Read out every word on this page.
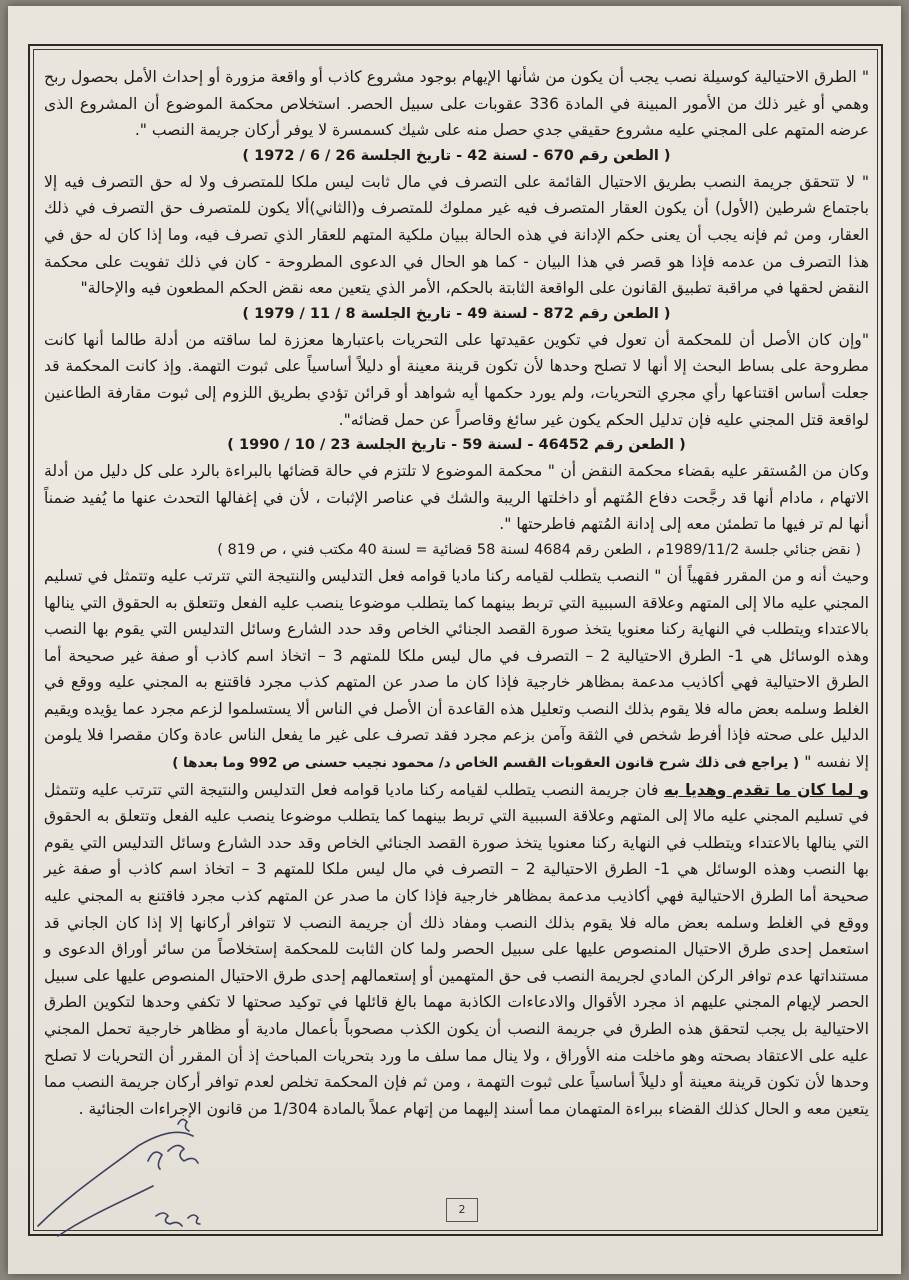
" الطرق الاحتيالية كوسيلة نصب يجب أن يكون من شأنها الإيهام بوجود مشروع كاذب أو واقعة مزورة أو إحداث الأمل بحصول ربح وهمي أو غير ذلك من الأمور المبينة في المادة 336 عقوبات على سبيل الحصر. استخلاص محكمة الموضوع أن المشروع الذى عرضه المتهم على المجني عليه مشروع حقيقي جدي حصل منه على شيك كسمسرة لا يوفر أركان جريمة النصب ".

( الطعن رقم 670 - لسنة 42 - تاريخ الجلسة 26 / 6 / 1972 )

" لا تتحقق جريمة النصب بطريق الاحتيال القائمة على التصرف في مال ثابت ليس ملكا للمتصرف ولا له حق التصرف فيه إلا باجتماع شرطين (الأول) أن يكون العقار المتصرف فيه غير مملوك للمتصرف و(الثاني)ألا يكون للمتصرف حق التصرف في ذلك العقار، ومن ثم فإنه يجب أن يعنى حكم الإدانة في هذه الحالة ببيان ملكية المتهم للعقار الذي تصرف فيه، وما إذا كان له حق في هذا التصرف من عدمه فإذا هو قصر في هذا البيان - كما هو الحال في الدعوى المطروحة - كان في ذلك تفويت على محكمة النقض لحقها في مراقبة تطبيق القانون على الواقعة الثابتة بالحكم، الأمر الذي يتعين معه نقض الحكم المطعون فيه والإحالة"

( الطعن رقم 872 - لسنة 49 - تاريخ الجلسة 8 / 11 / 1979 )

"وإن كان الأصل أن للمحكمة أن تعول في تكوين عقيدتها على التحريات باعتبارها معززة لما ساقته من أدلة طالما أنها كانت مطروحة على بساط البحث إلا أنها لا تصلح وحدها لأن تكون قرينة معينة أو دليلاً أساسياً على ثبوت التهمة. وإذ كانت المحكمة قد جعلت أساس اقتناعها رأي مجري التحريات، ولم يورد حكمها أيه شواهد أو قرائن تؤدي بطريق اللزوم إلى ثبوت مقارفة الطاعنين لواقعة قتل المجني عليه فإن تدليل الحكم يكون غير سائغ وقاصراً عن حمل قضائه".

( الطعن رقم 46452 - لسنة 59 - تاريخ الجلسة 23 / 10 / 1990 )

وكان من المُستقر عليه بقضاء محكمة النقض أن " محكمة الموضوع لا تلتزم في حالة قضائها بالبراءة بالرد على كل دليل من أدلة الاتهام ، مادام أنها قد رجَّحت دفاع المُتهم أو داخلتها الريبة والشك في عناصر الإثبات ، لأن في إغفالها التحدث عنها ما يُفيد ضمناً أنها لم تر فيها ما تطمئن معه إلى إدانة المُتهم فاطرحتها ".

( نقض جنائي جلسة 1989/11/2م ، الطعن رقم 4684 لسنة 58 قضائية = لسنة 40 مكتب فني ، ص 819 )

وحيث أنه و من المقرر فقهياً أن " النصب يتطلب لقيامه ركنا ماديا قوامه فعل التدليس والنتيجة التي تترتب عليه وتتمثل في تسليم المجني عليه مالا إلى المتهم وعلاقة السببية التي تربط بينهما كما يتطلب موضوعا ينصب عليه الفعل وتتعلق به الحقوق التي ينالها بالاعتداء ويتطلب في النهاية ركنا معنويا يتخذ صورة القصد الجنائي الخاص وقد حدد الشارع وسائل التدليس التي يقوم بها النصب وهذه الوسائل هي 1- الطرق الاحتيالية 2 – التصرف في مال ليس ملكا للمتهم 3 – اتخاذ اسم كاذب أو صفة غير صحيحة أما الطرق الاحتيالية فهي أكاذيب مدعمة بمظاهر خارجية فإذا كان ما صدر عن المتهم كذب مجرد فاقتنع به المجني عليه ووقع في الغلط وسلمه بعض ماله فلا يقوم بذلك النصب وتعليل هذه القاعدة أن الأصل في الناس ألا يستسلموا لزعم مجرد عما يؤيده ويقيم الدليل على صحته فإذا أفرط شخص في الثقة وآمن بزعم مجرد فقد تصرف على غير ما يفعل الناس عادة وكان مقصرا فلا يلومن إلا نفسه " ( يراجع فى ذلك شرح قانون العقوبات القسم الخاص د/ محمود نجيب حسنى ص 992 وما بعدها )

و لما كان ما تقدم وهديا به فان جريمة النصب يتطلب لقيامه ركنا ماديا قوامه فعل التدليس والنتيجة التي تترتب عليه وتتمثل في تسليم المجني عليه مالا إلى المتهم وعلاقة السببية التي تربط بينهما كما يتطلب موضوعا ينصب عليه الفعل وتتعلق به الحقوق التي ينالها بالاعتداء ويتطلب في النهاية ركنا معنويا يتخذ صورة القصد الجنائي الخاص وقد حدد الشارع وسائل التدليس التي يقوم بها النصب وهذه الوسائل هي 1- الطرق الاحتيالية 2 – التصرف في مال ليس ملكا للمتهم 3 – اتخاذ اسم كاذب أو صفة غير صحيحة أما الطرق الاحتيالية فهي أكاذيب مدعمة بمظاهر خارجية فإذا كان ما صدر عن المتهم كذب مجرد فاقتنع به المجني عليه ووقع في الغلط وسلمه بعض ماله فلا يقوم بذلك النصب ومفاد ذلك أن جريمة النصب لا تتوافر أركانها إلا إذا كان الجاني قد استعمل إحدى طرق الاحتيال المنصوص عليها على سبيل الحصر ولما كان الثابت للمحكمة إستخلاصاً من سائر أوراق الدعوى و مستنداتها عدم توافر الركن المادي لجريمة النصب فى حق المتهمين أو إستعمالهم إحدى طرق الاحتيال المنصوص عليها على سبيل الحصر لإيهام المجني عليهم اذ مجرد الأقوال والادعاءات الكاذبة مهما بالغ قائلها في توكيد صحتها لا تكفي وحدها لتكوين الطرق الاحتيالية بل يجب لتحقق هذه الطرق في جريمة النصب أن يكون الكذب مصحوباً بأعمال مادية أو مظاهر خارجية تحمل المجني عليه على الاعتقاد بصحته وهو ماخلت منه الأوراق ، ولا ينال مما سلف ما ورد بتحريات المباحث إذ أن المقرر أن التحريات لا تصلح وحدها لأن تكون قرينة معينة أو دليلاً أساسياً على ثبوت التهمة ، ومن ثم فإن المحكمة تخلص لعدم توافر أركان جريمة النصب مما يتعين معه و الحال كذلك القضاء ببراءة المتهمان مما أسند إليهما من إتهام عملاً بالمادة 1/304 من قانون الإجراءات الجنائية .

2
